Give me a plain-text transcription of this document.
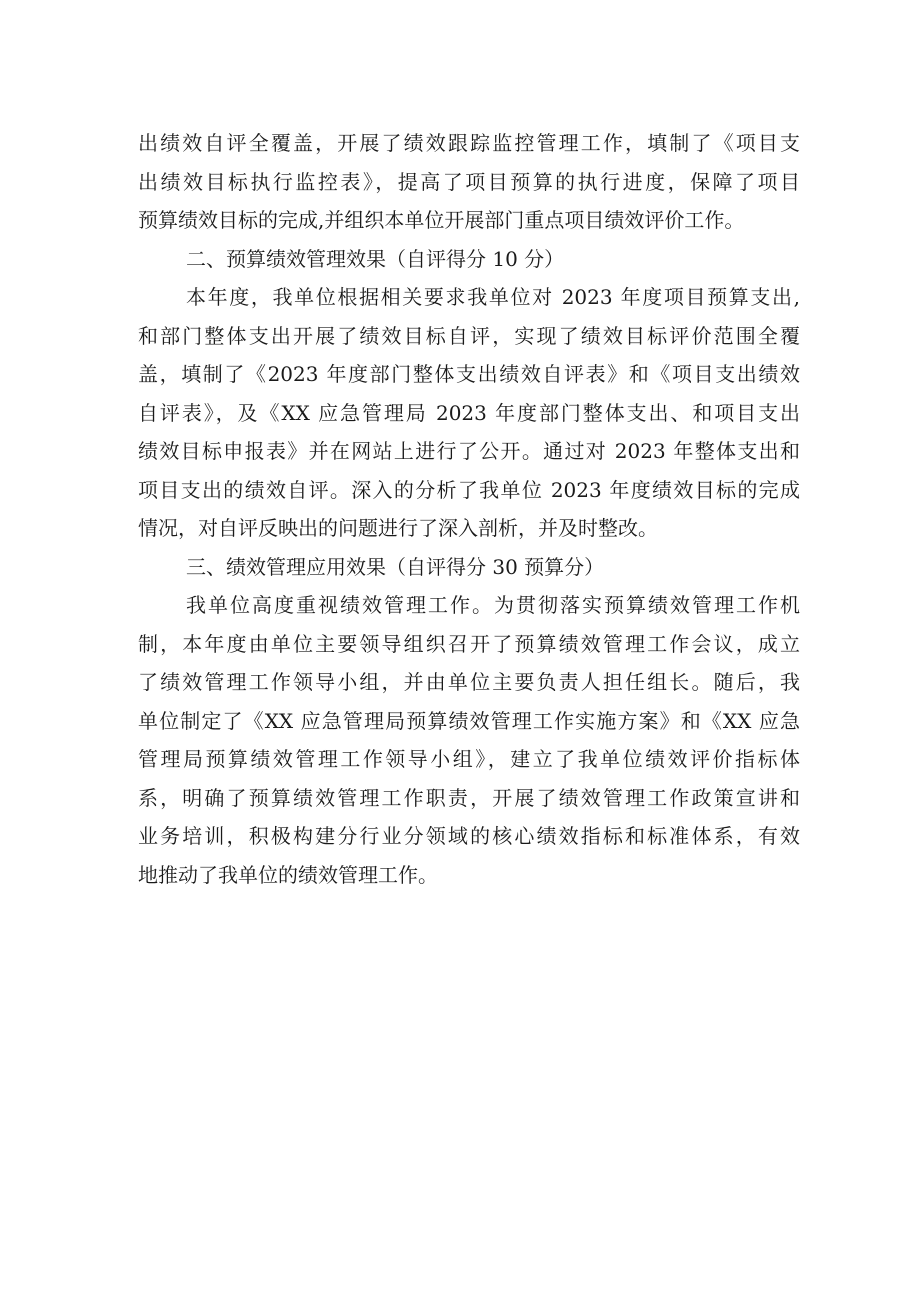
出绩效自评全覆盖，开展了绩效跟踪监控管理工作，填制了《项目支
出绩效目标执行监控表》，提高了项目预算的执行进度，保障了项目
预算绩效目标的完成,并组织本单位开展部门重点项目绩效评价工作。
二、预算绩效管理效果（自评得分 10 分）
本年度，我单位根据相关要求我单位对 2023 年度项目预算支出,
和部门整体支出开展了绩效目标自评，实现了绩效目标评价范围全覆
盖，填制了《2023 年度部门整体支出绩效自评表》和《项目支出绩效
自评表》，及《XX 应急管理局 2023 年度部门整体支出、和项目支出
绩效目标申报表》并在网站上进行了公开。通过对 2023 年整体支出和
项目支出的绩效自评。深入的分析了我单位 2023 年度绩效目标的完成
情况，对自评反映出的问题进行了深入剖析，并及时整改。
三、绩效管理应用效果（自评得分 30 预算分）
我单位高度重视绩效管理工作。为贯彻落实预算绩效管理工作机
制，本年度由单位主要领导组织召开了预算绩效管理工作会议，成立
了绩效管理工作领导小组，并由单位主要负责人担任组长。随后，我
单位制定了《XX 应急管理局预算绩效管理工作实施方案》和《XX 应急
管理局预算绩效管理工作领导小组》，建立了我单位绩效评价指标体
系，明确了预算绩效管理工作职责，开展了绩效管理工作政策宣讲和
业务培训，积极构建分行业分领域的核心绩效指标和标准体系，有效
地推动了我单位的绩效管理工作。
